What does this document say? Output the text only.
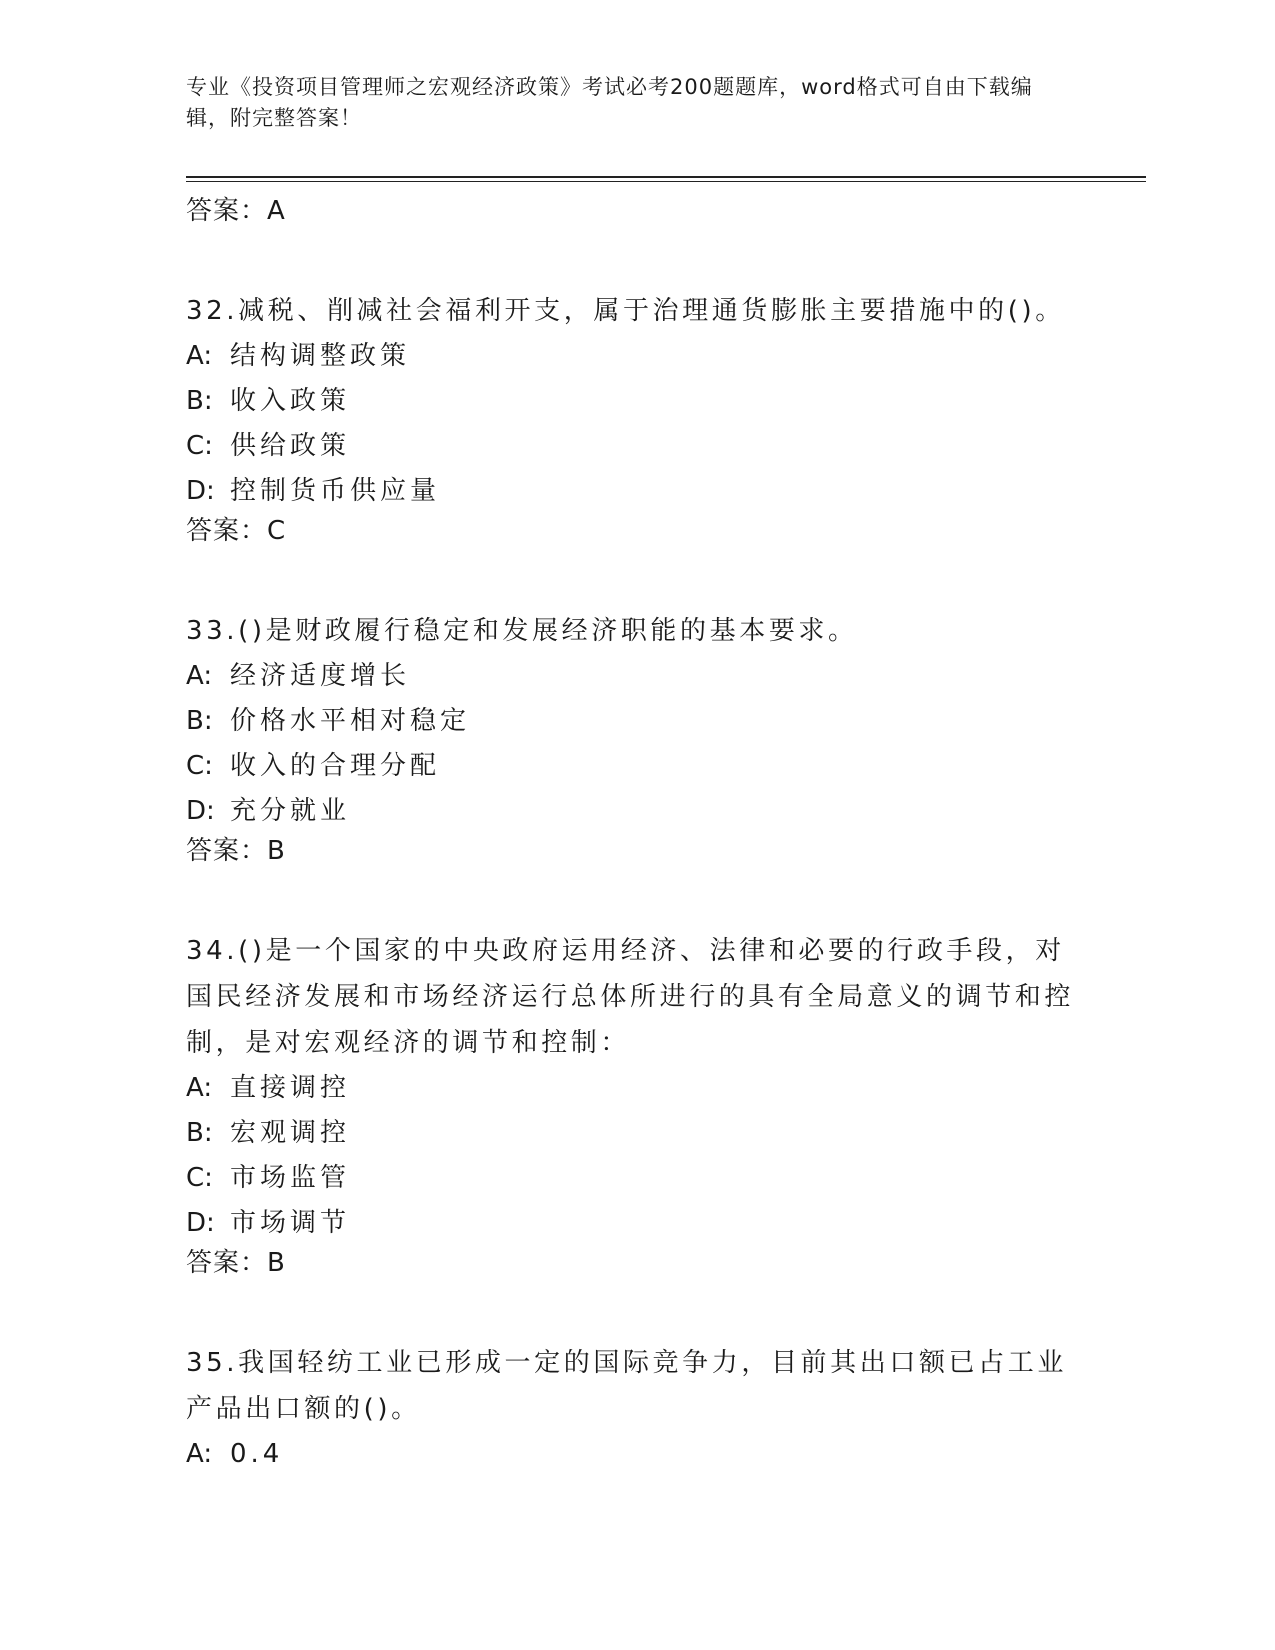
专业《投资项目管理师之宏观经济政策》考试必考200题题库，word格式可自由下载编辑，附完整答案！
答案：A
32.减税、削减社会福利开支，属于治理通货膨胀主要措施中的()。
A: 结构调整政策
B: 收入政策
C: 供给政策
D: 控制货币供应量
答案：C
33.()是财政履行稳定和发展经济职能的基本要求。
A: 经济适度增长
B: 价格水平相对稳定
C: 收入的合理分配
D: 充分就业
答案：B
34.()是一个国家的中央政府运用经济、法律和必要的行政手段，对国民经济发展和市场经济运行总体所进行的具有全局意义的调节和控制，是对宏观经济的调节和控制：
A: 直接调控
B: 宏观调控
C: 市场监管
D: 市场调节
答案：B
35.我国轻纺工业已形成一定的国际竞争力，目前其出口额已占工业产品出口额的()。
A: 0.4
